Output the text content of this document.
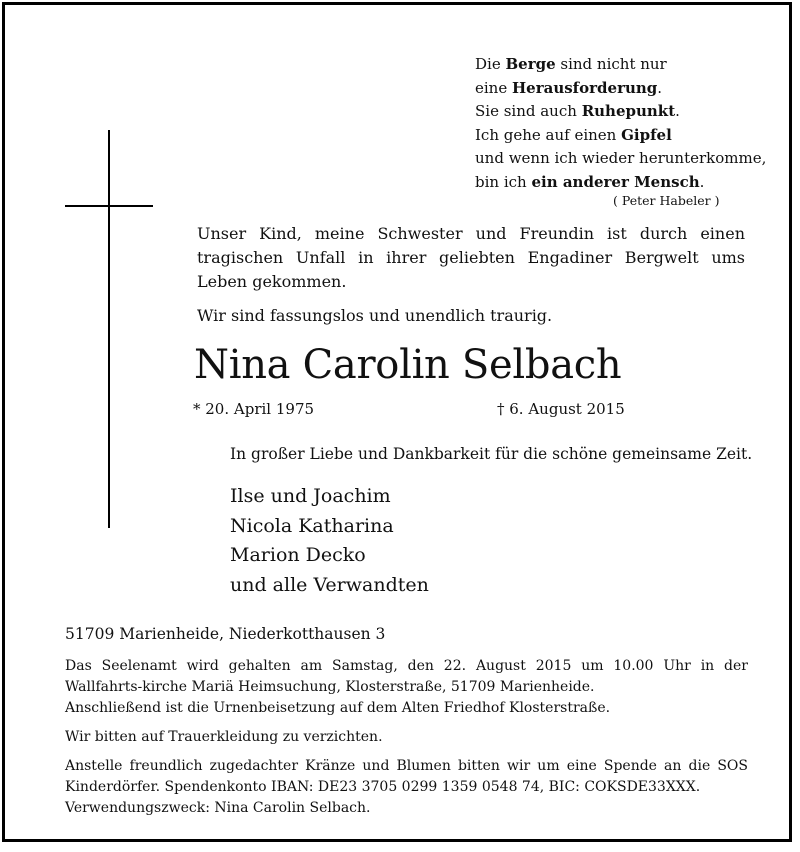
Die Berge sind nicht nur
eine Herausforderung.
Sie sind auch Ruhepunkt.
Ich gehe auf einen Gipfel
und wenn ich wieder herunterkomme,
bin ich ein anderer Mensch.
( Peter Habeler )

Unser Kind, meine Schwester und Freundin ist durch einen tragischen Unfall in ihrer geliebten Engadiner Bergwelt ums Leben gekommen.

Wir sind fassungslos und unendlich traurig.

Nina Carolin Selbach
* 20. April 1975	† 6. August 2015
In großer Liebe und Dankbarkeit für die schöne gemeinsame Zeit.
Ilse und Joachim
Nicola Katharina
Marion Decko
und alle Verwandten
51709 Marienheide, Niederkotthausen 3

Das Seelenamt wird gehalten am Samstag, den 22. August 2015 um 10.00 Uhr in der Wallfahrts-kirche Mariä Heimsuchung, Klosterstraße, 51709 Marienheide.

Anschließend ist die Urnenbeisetzung auf dem Alten Friedhof Klosterstraße.

Wir bitten auf Trauerkleidung zu verzichten.

Anstelle freundlich zugedachter Kränze und Blumen bitten wir um eine Spende an die SOS Kinderdörfer. Spendenkonto IBAN: DE23 3705 0299 1359 0548 74, BIC: COKSDE33XXX.

Verwendungszweck: Nina Carolin Selbach.
